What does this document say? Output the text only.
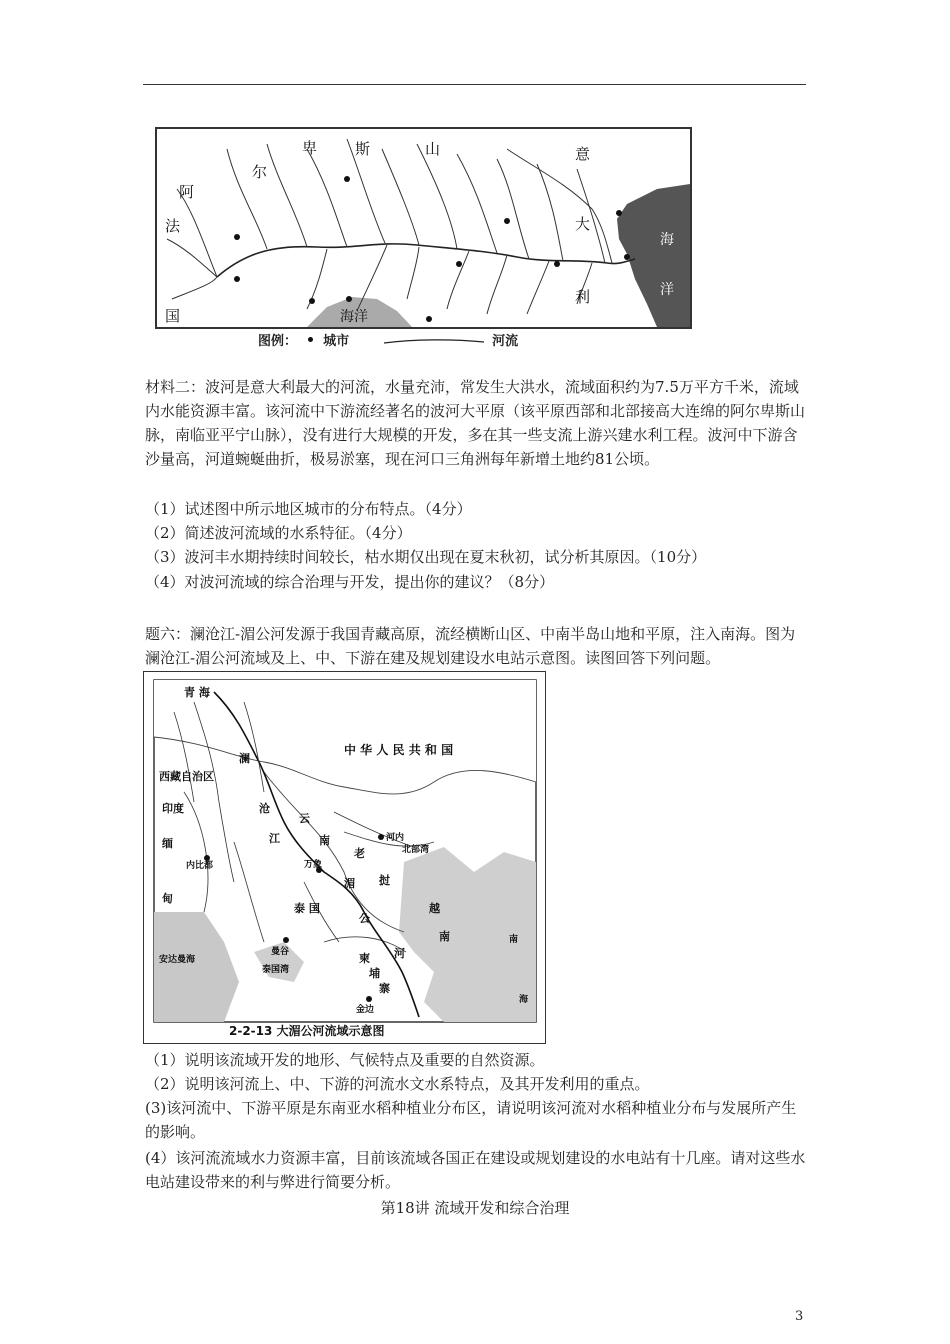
阿
尔
卑	斯	山
法
国
意
大
利
海洋
海
洋
图例： 城市	河流

材料二：波河是意大利最大的河流，水量充沛，常发生大洪水，流域面积约为7.5万平方千米，流域内水能资源丰富。该河流中下游流经著名的波河大平原（该平原西部和北部接高大连绵的阿尔卑斯山脉，南临亚平宁山脉），没有进行大规模的开发，多在其一些支流上游兴建水利工程。波河中下游含沙量高，河道蜿蜒曲折，极易淤塞，现在河口三角洲每年新增土地约81公顷。

（1）试述图中所示地区城市的分布特点。（4分）

（2）简述波河流域的水系特征。（4分）

（3）波河丰水期持续时间较长，枯水期仅出现在夏末秋初，试分析其原因。（10分）

（4）对波河流域的综合治理与开发，提出你的建议？（8分）

题六：澜沧江-湄公河发源于我国青藏高原，流经横断山区、中南半岛山地和平原，注入南海。图为澜沧江-湄公河流域及上、中、下游在建及规划建设水电站示意图。读图回答下列问题。

青 海
中 华 人 民 共 和 国
西藏自治区
印度
缅
甸
云
南
澜
沧
江
内比都
河内
北部湾
老
挝
万象
泰 国
湄
公
河
曼谷
越
南
柬
埔
寨
金边
安达曼海
泰国湾
南
海
2-2-13 大湄公河流域示意图

（1）说明该流域开发的地形、气候特点及重要的自然资源。

（2）说明该河流上、中、下游的河流水文水系特点，及其开发利用的重点。

(3)该河流中、下游平原是东南亚水稻种植业分布区，请说明该河流对水稻种植业分布与发展所产生的影响。

(4）该河流流域水力资源丰富，目前该流域各国正在建设或规划建设的水电站有十几座。请对这些水电站建设带来的利与弊进行简要分析。

第18讲 流域开发和综合治理
3
